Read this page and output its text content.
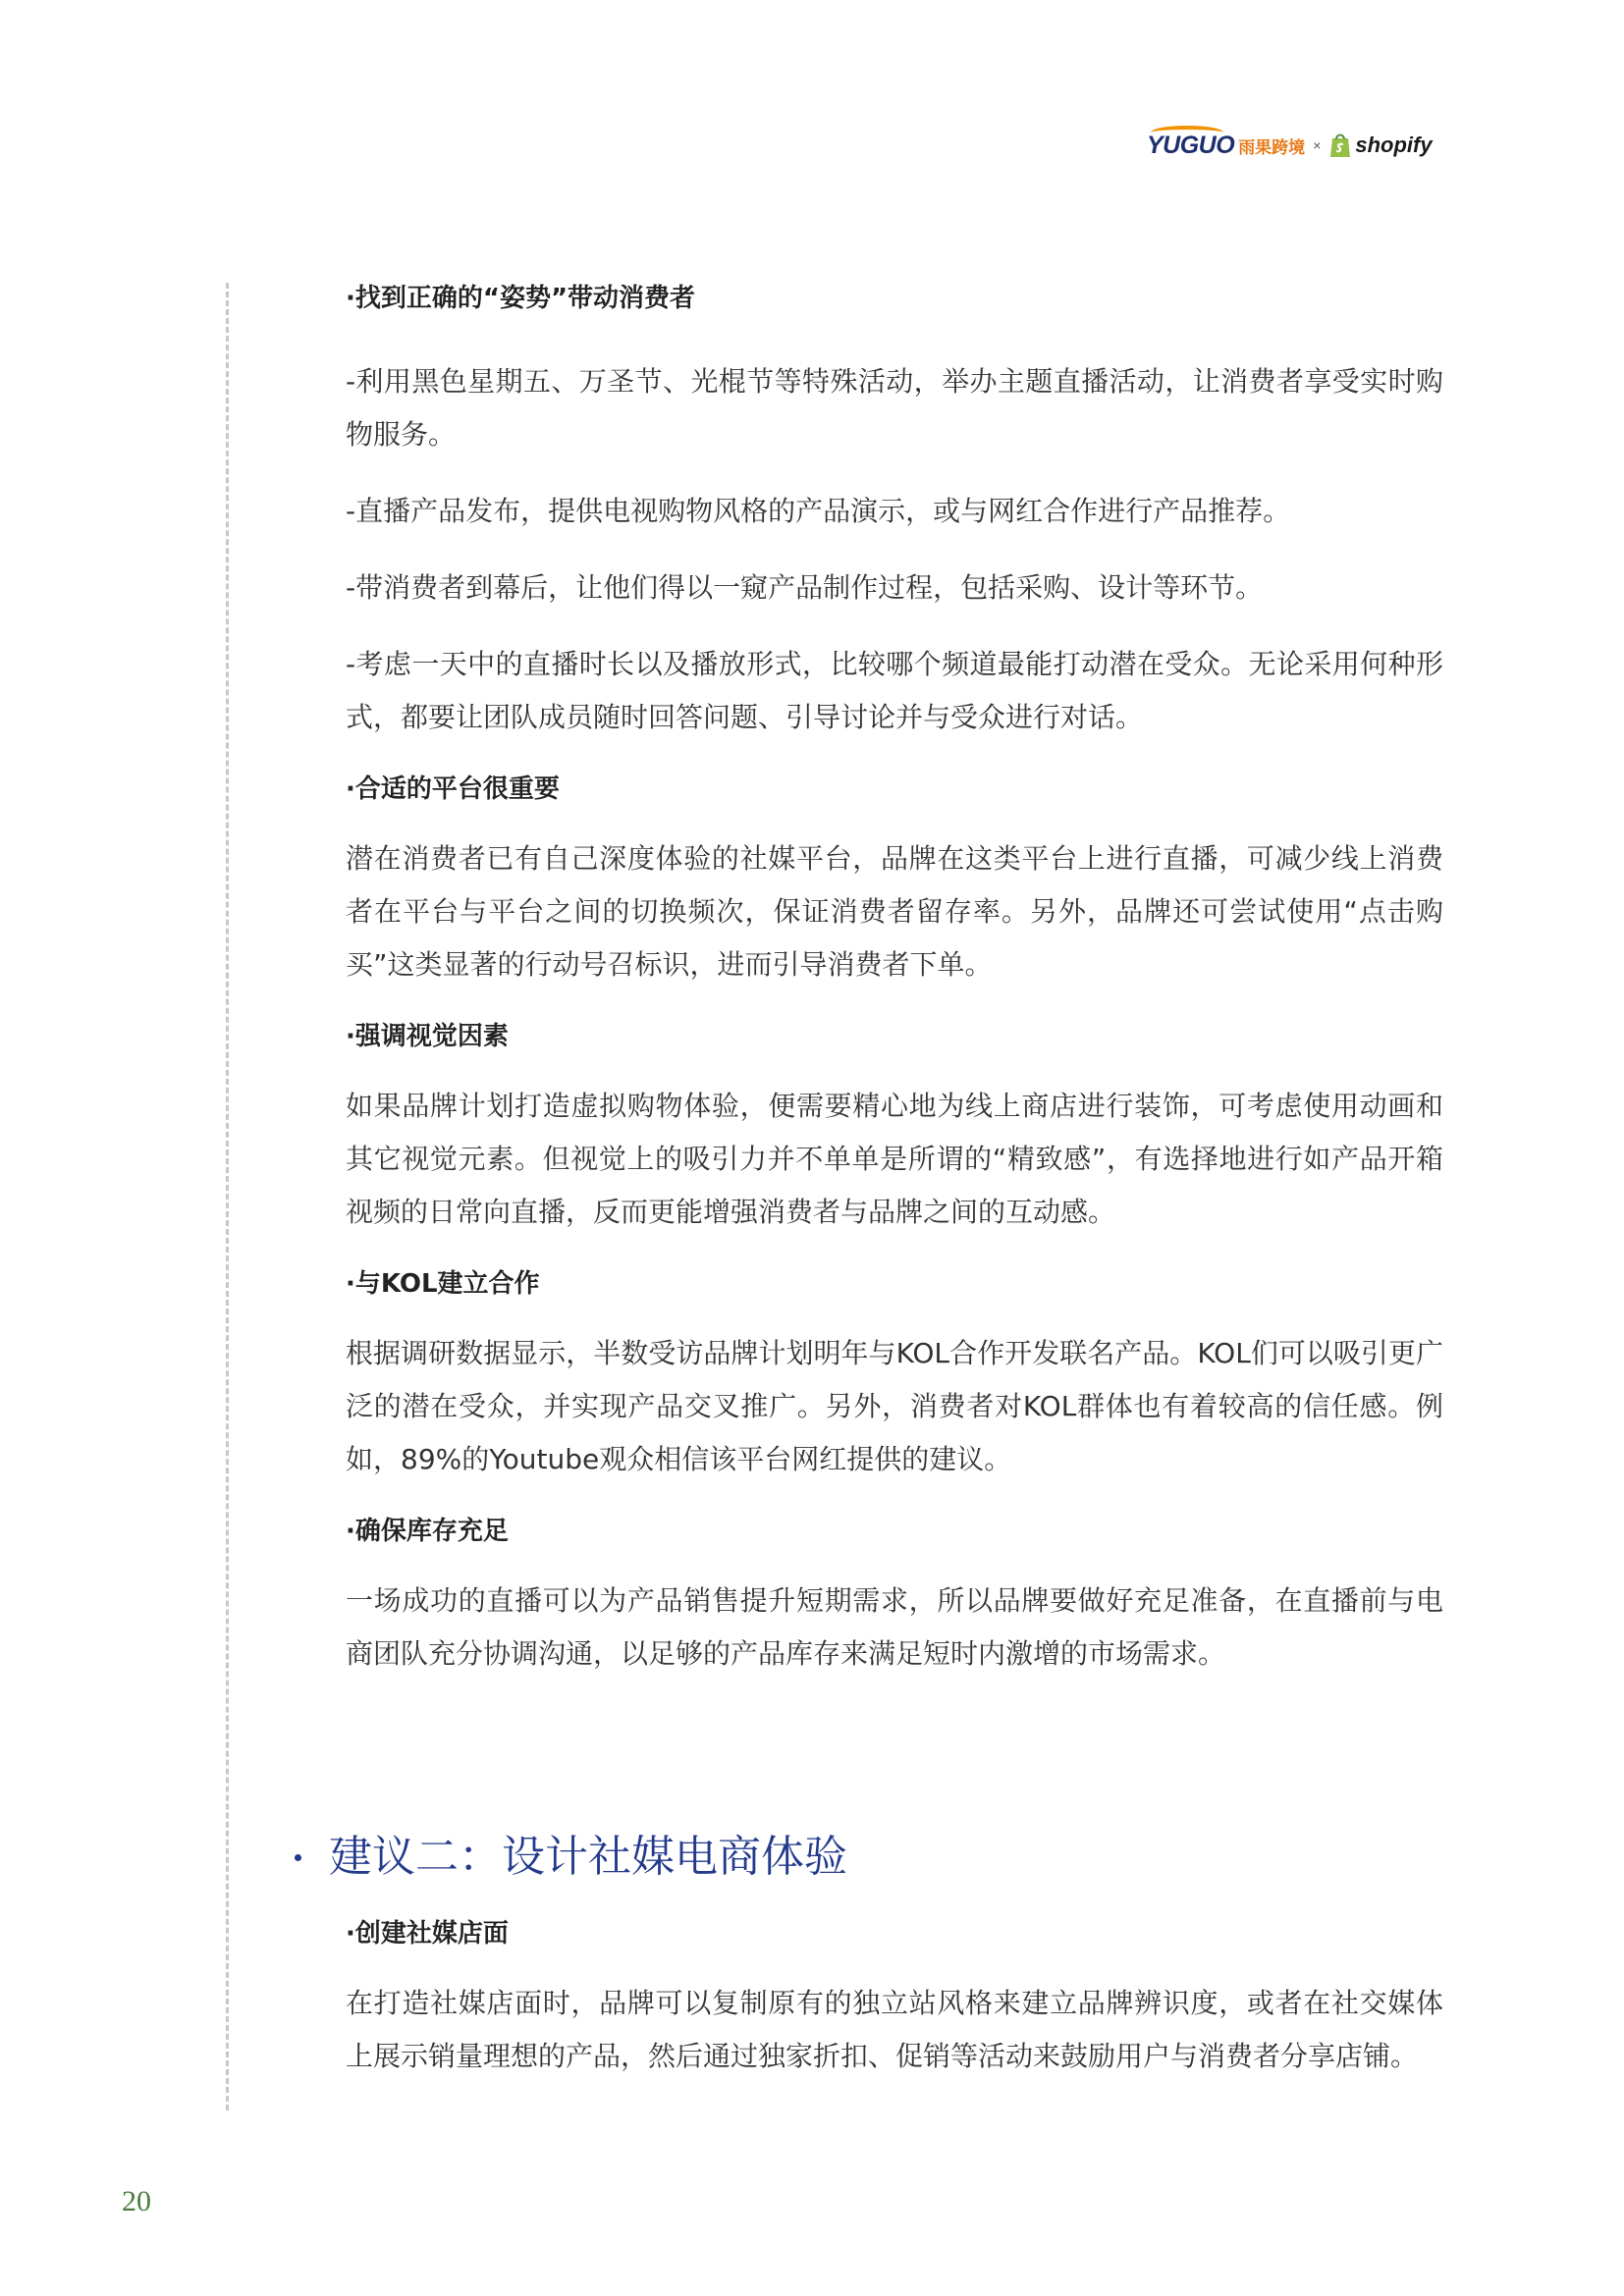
YUGUO 雨果跨境 × shopify

·找到正确的“姿势”带动消费者

-利用黑色星期五、万圣节、光棍节等特殊活动，举办主题直播活动，让消费者享受实时购物服务。

-直播产品发布，提供电视购物风格的产品演示，或与网红合作进行产品推荐。

-带消费者到幕后，让他们得以一窥产品制作过程，包括采购、设计等环节。

-考虑一天中的直播时长以及播放形式，比较哪个频道最能打动潜在受众。无论采用何种形式，都要让团队成员随时回答问题、引导讨论并与受众进行对话。

·合适的平台很重要

潜在消费者已有自己深度体验的社媒平台，品牌在这类平台上进行直播，可减少线上消费者在平台与平台之间的切换频次，保证消费者留存率。另外，品牌还可尝试使用“点击购买”这类显著的行动号召标识，进而引导消费者下单。

·强调视觉因素

如果品牌计划打造虚拟购物体验，便需要精心地为线上商店进行装饰，可考虑使用动画和其它视觉元素。但视觉上的吸引力并不单单是所谓的“精致感”，有选择地进行如产品开箱视频的日常向直播，反而更能增强消费者与品牌之间的互动感。

·与KOL建立合作

根据调研数据显示，半数受访品牌计划明年与KOL合作开发联名产品。KOL们可以吸引更广泛的潜在受众，并实现产品交叉推广。另外，消费者对KOL群体也有着较高的信任感。例如，89%的Youtube观众相信该平台网红提供的建议。

·确保库存充足

一场成功的直播可以为产品销售提升短期需求，所以品牌要做好充足准备，在直播前与电商团队充分协调沟通，以足够的产品库存来满足短时内激增的市场需求。

建议二：设计社媒电商体验

·创建社媒店面

在打造社媒店面时，品牌可以复制原有的独立站风格来建立品牌辨识度，或者在社交媒体上展示销量理想的产品，然后通过独家折扣、促销等活动来鼓励用户与消费者分享店铺。

20
